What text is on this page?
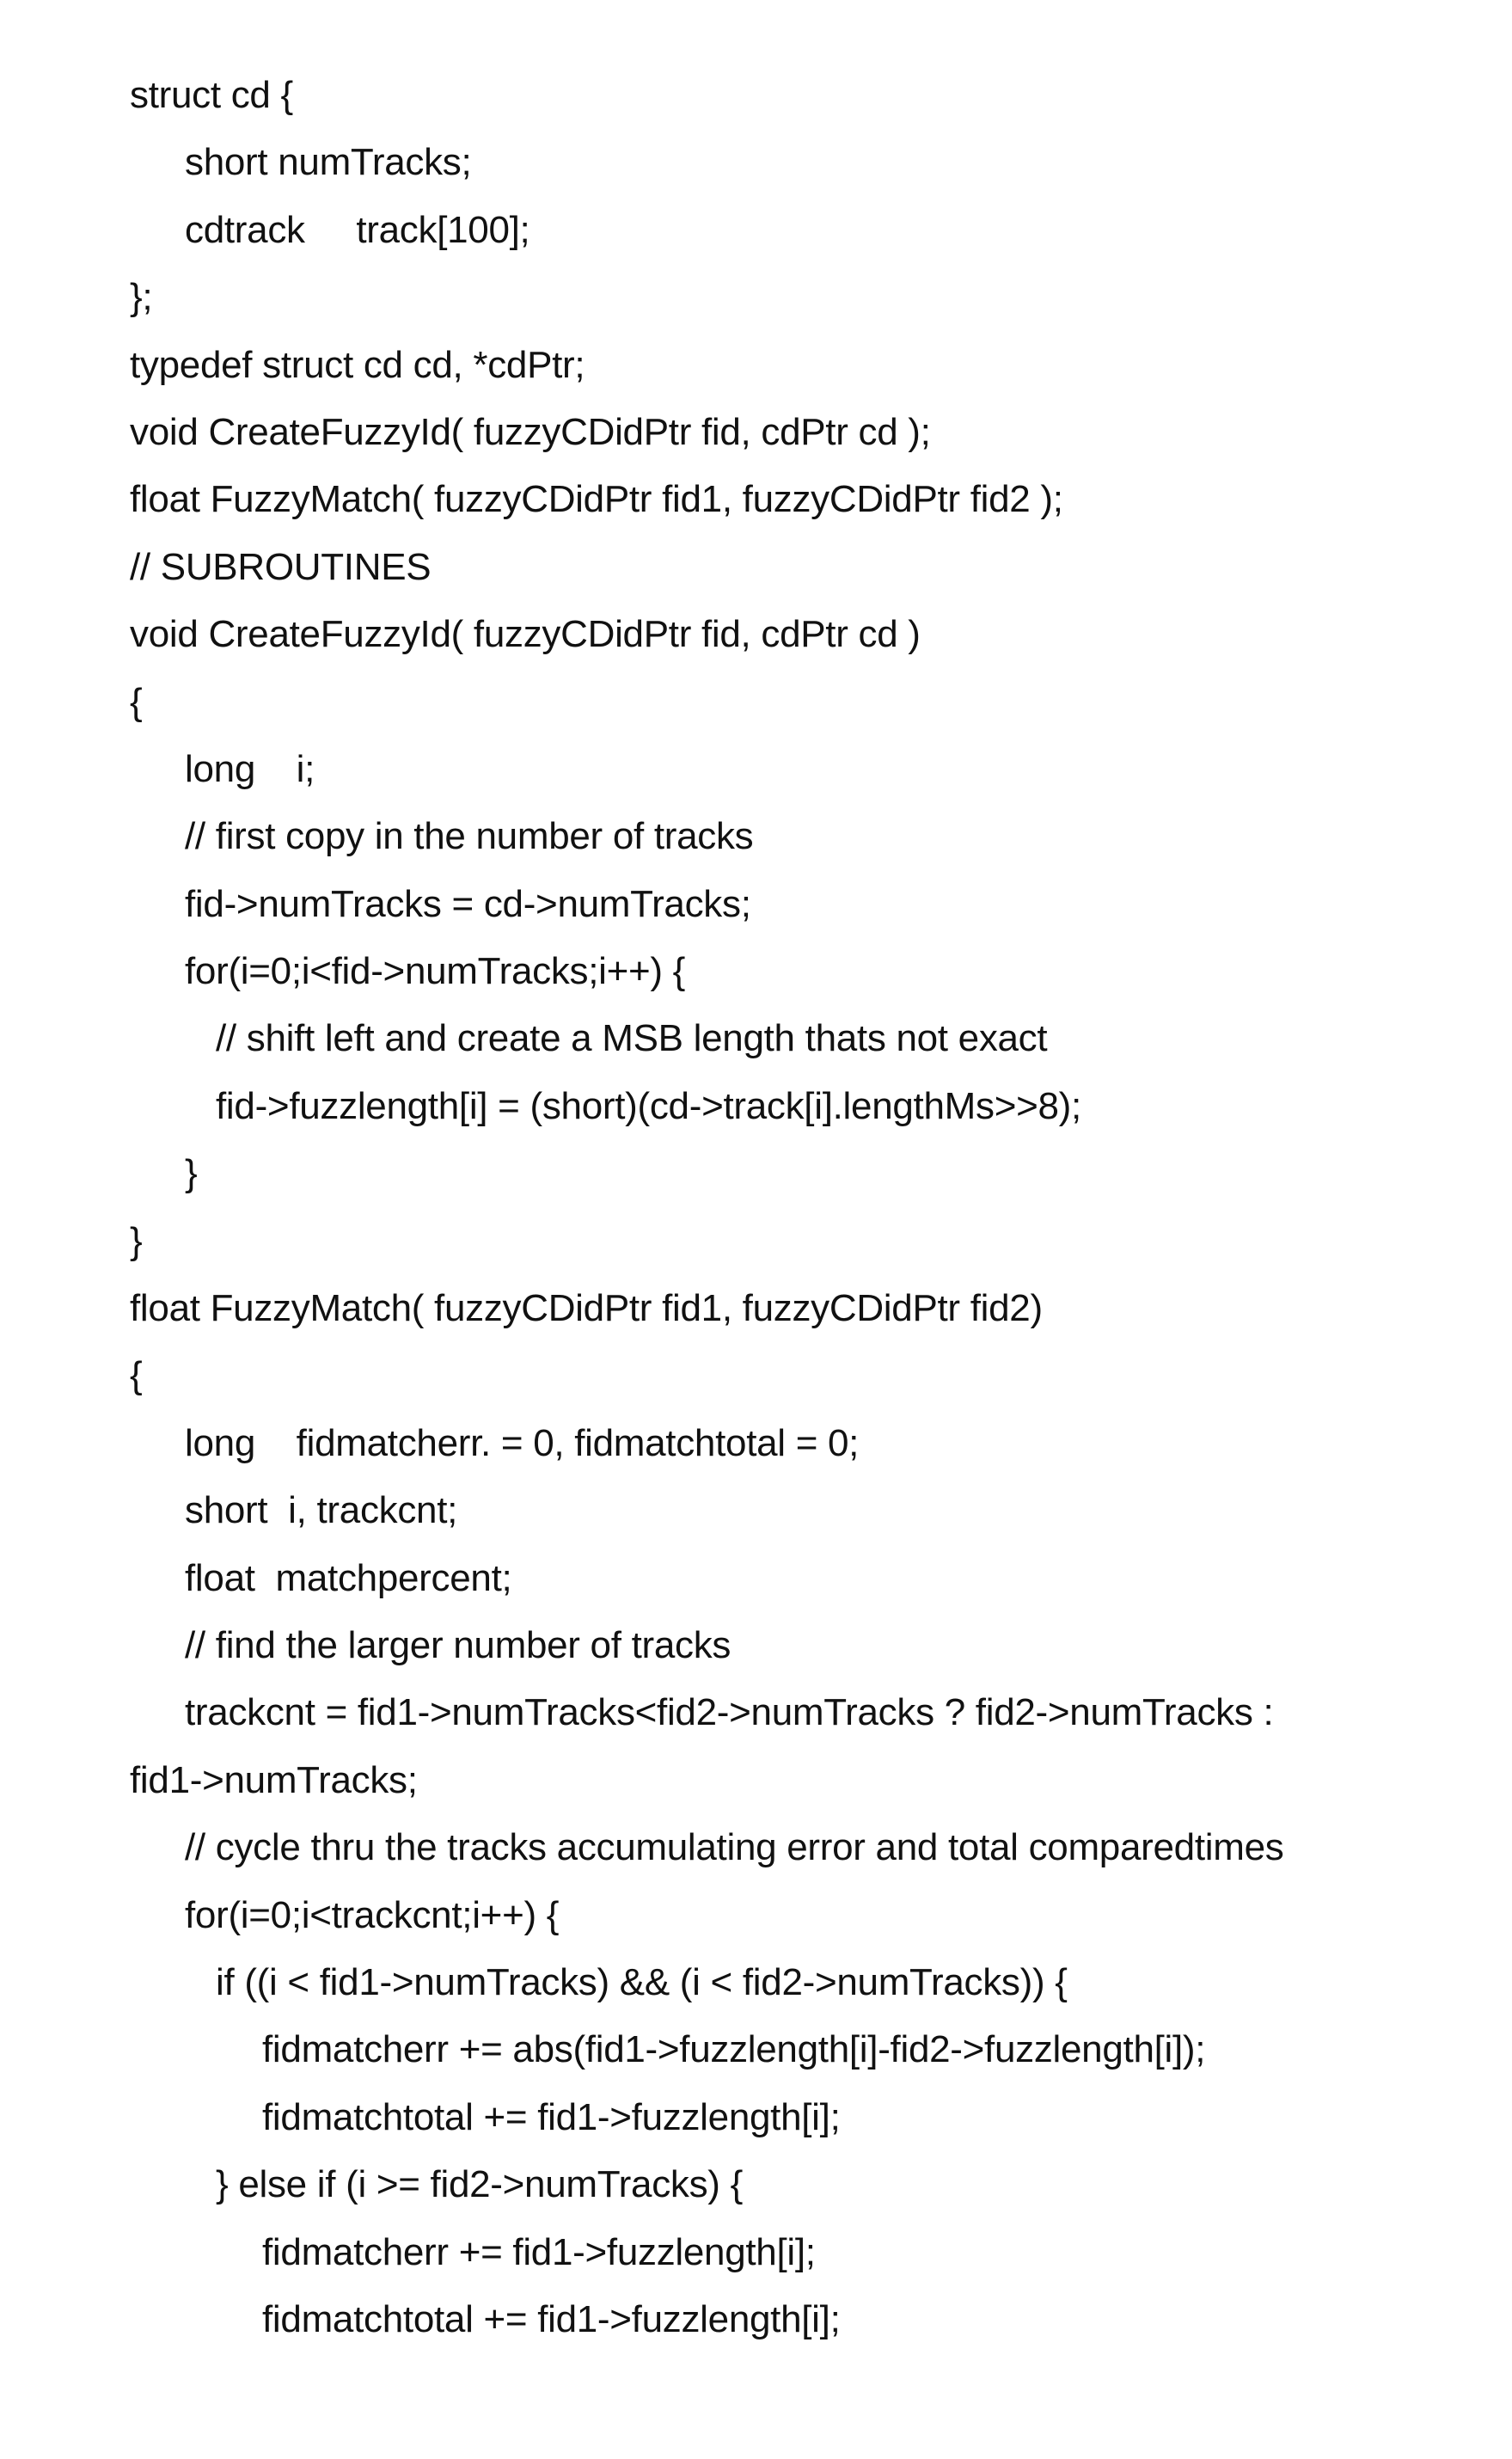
struct cd {
short numTracks;
cdtrack     track[100];
};
typedef struct cd cd, *cdPtr;
void CreateFuzzyId( fuzzyCDidPtr fid, cdPtr cd );
float FuzzyMatch( fuzzyCDidPtr fid1, fuzzyCDidPtr fid2 );
// SUBROUTINES
void CreateFuzzyId( fuzzyCDidPtr fid, cdPtr cd )
{
long    i;
// first copy in the number of tracks
fid->numTracks = cd->numTracks;
for(i=0;i<fid->numTracks;i++) {
// shift left and create a MSB length thats not exact
fid->fuzzlength[i] = (short)(cd->track[i].lengthMs>>8);
}
}
float FuzzyMatch( fuzzyCDidPtr fid1, fuzzyCDidPtr fid2)
{
long    fidmatcherr. = 0, fidmatchtotal = 0;
short  i, trackcnt;
float  matchpercent;
// find the larger number of tracks
trackcnt = fid1->numTracks<fid2->numTracks ? fid2->numTracks :
fid1->numTracks;
// cycle thru the tracks accumulating error and total comparedtimes
for(i=0;i<trackcnt;i++) {
if ((i < fid1->numTracks) && (i < fid2->numTracks)) {
fidmatcherr += abs(fid1->fuzzlength[i]-fid2->fuzzlength[i]);
fidmatchtotal += fid1->fuzzlength[i];
} else if (i >= fid2->numTracks) {
fidmatcherr += fid1->fuzzlength[i];
fidmatchtotal += fid1->fuzzlength[i];
